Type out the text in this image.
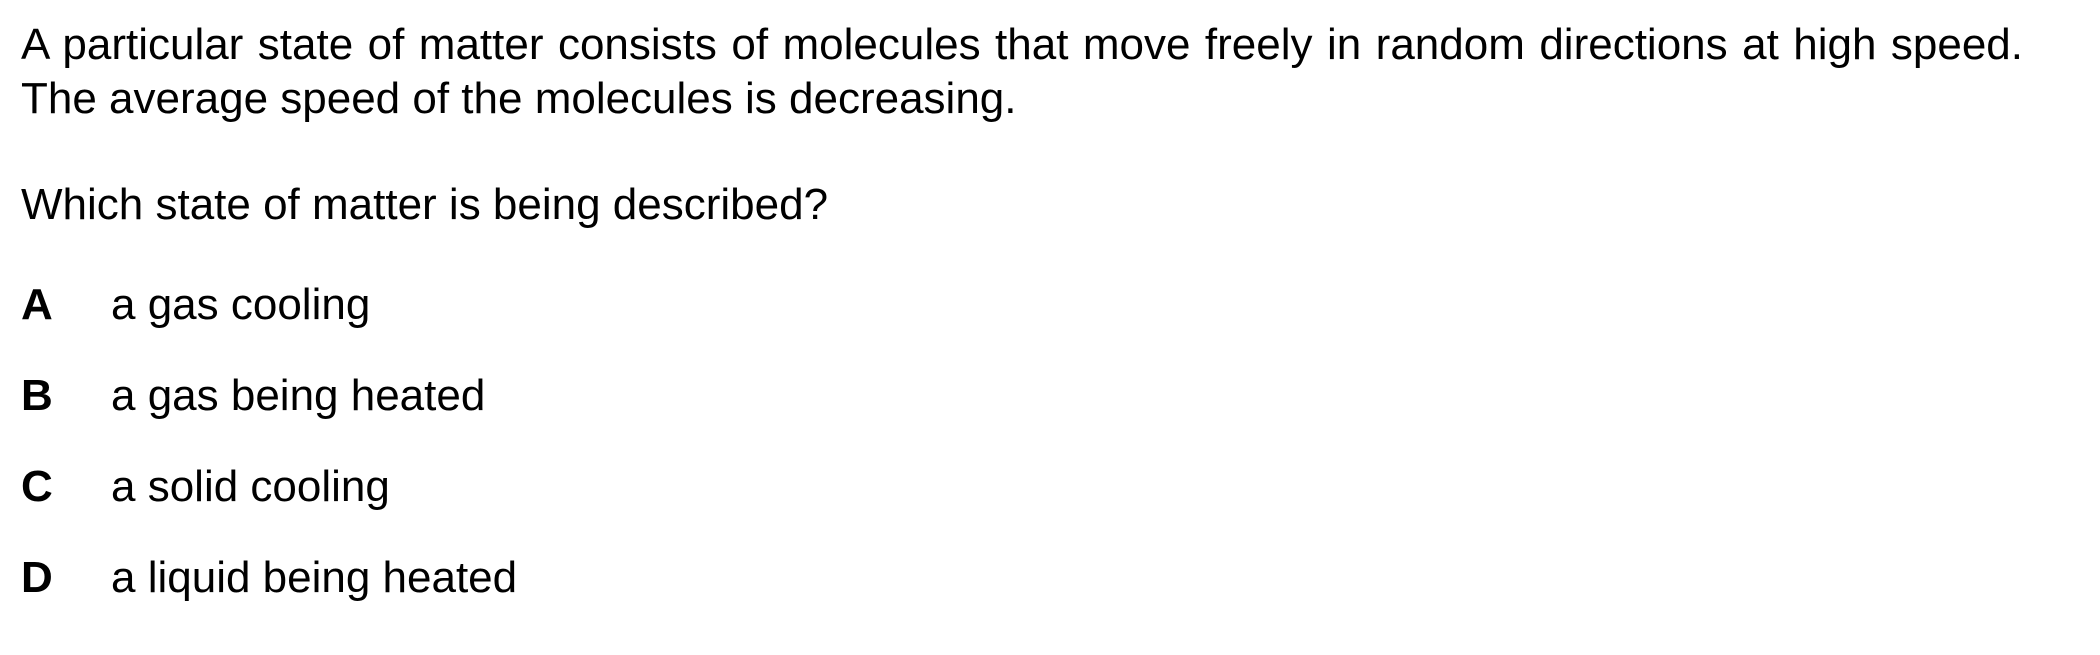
A particular state of matter consists of molecules that move freely in random directions at high speed. The average speed of the molecules is decreasing.

Which state of matter is being described?

A a gas cooling
B a gas being heated
C a solid cooling
D a liquid being heated
